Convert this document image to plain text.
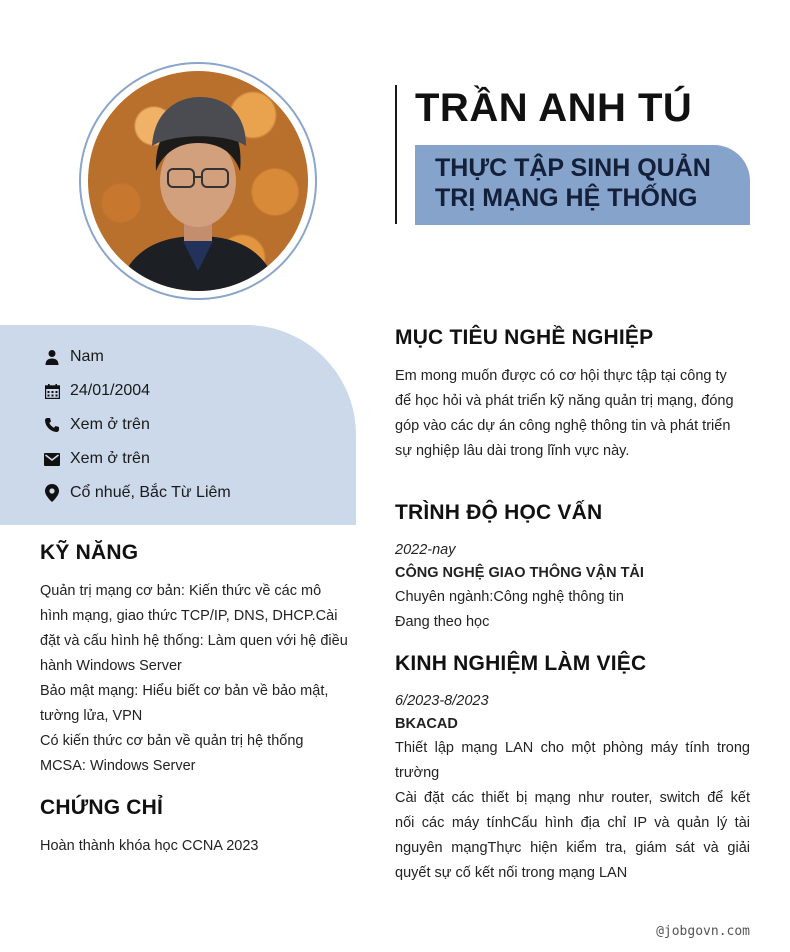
TRẦN ANH TÚ
THỰC TẬP SINH QUẢN
TRỊ MẠNG HỆ THỐNG
Nam
24/01/2004
Xem ở trên
Xem ở trên
Cổ nhuế, Bắc Từ Liêm
KỸ NĂNG
Quản trị mạng cơ bản: Kiến thức về các mô
hình mạng, giao thức TCP/IP, DNS, DHCP.Cài
đặt và cấu hình hệ thống: Làm quen với hệ điều
hành Windows Server
Bảo mật mạng: Hiểu biết cơ bản về bảo mật,
tường lửa, VPN
Có kiến thức cơ bản về quản trị hệ thống
MCSA: Windows Server
CHỨNG CHỈ
Hoàn thành khóa học CCNA 2023
MỤC TIÊU NGHỀ NGHIỆP
Em mong muốn được có cơ hội thực tập tại công ty
để học hỏi và phát triển kỹ năng quản trị mạng, đóng
góp vào các dự án công nghệ thông tin và phát triển
sự nghiệp lâu dài trong lĩnh vực này.
TRÌNH ĐỘ HỌC VẤN
2022-nay
CÔNG NGHỆ GIAO THÔNG VẬN TẢI
Chuyên ngành:Công nghệ thông tin
Đang theo học
KINH NGHIỆM LÀM VIỆC
6/2023-8/2023
BKACAD
Thiết lập mạng LAN cho một phòng máy tính trong
trường
Cài đặt các thiết bị mạng như router, switch để kết
nối các máy tínhCấu hình địa chỉ IP và quản lý tài
nguyên mạngThực hiện kiểm tra, giám sát và giải
quyết sự cố kết nối trong mạng LAN
@jobgovn.com
